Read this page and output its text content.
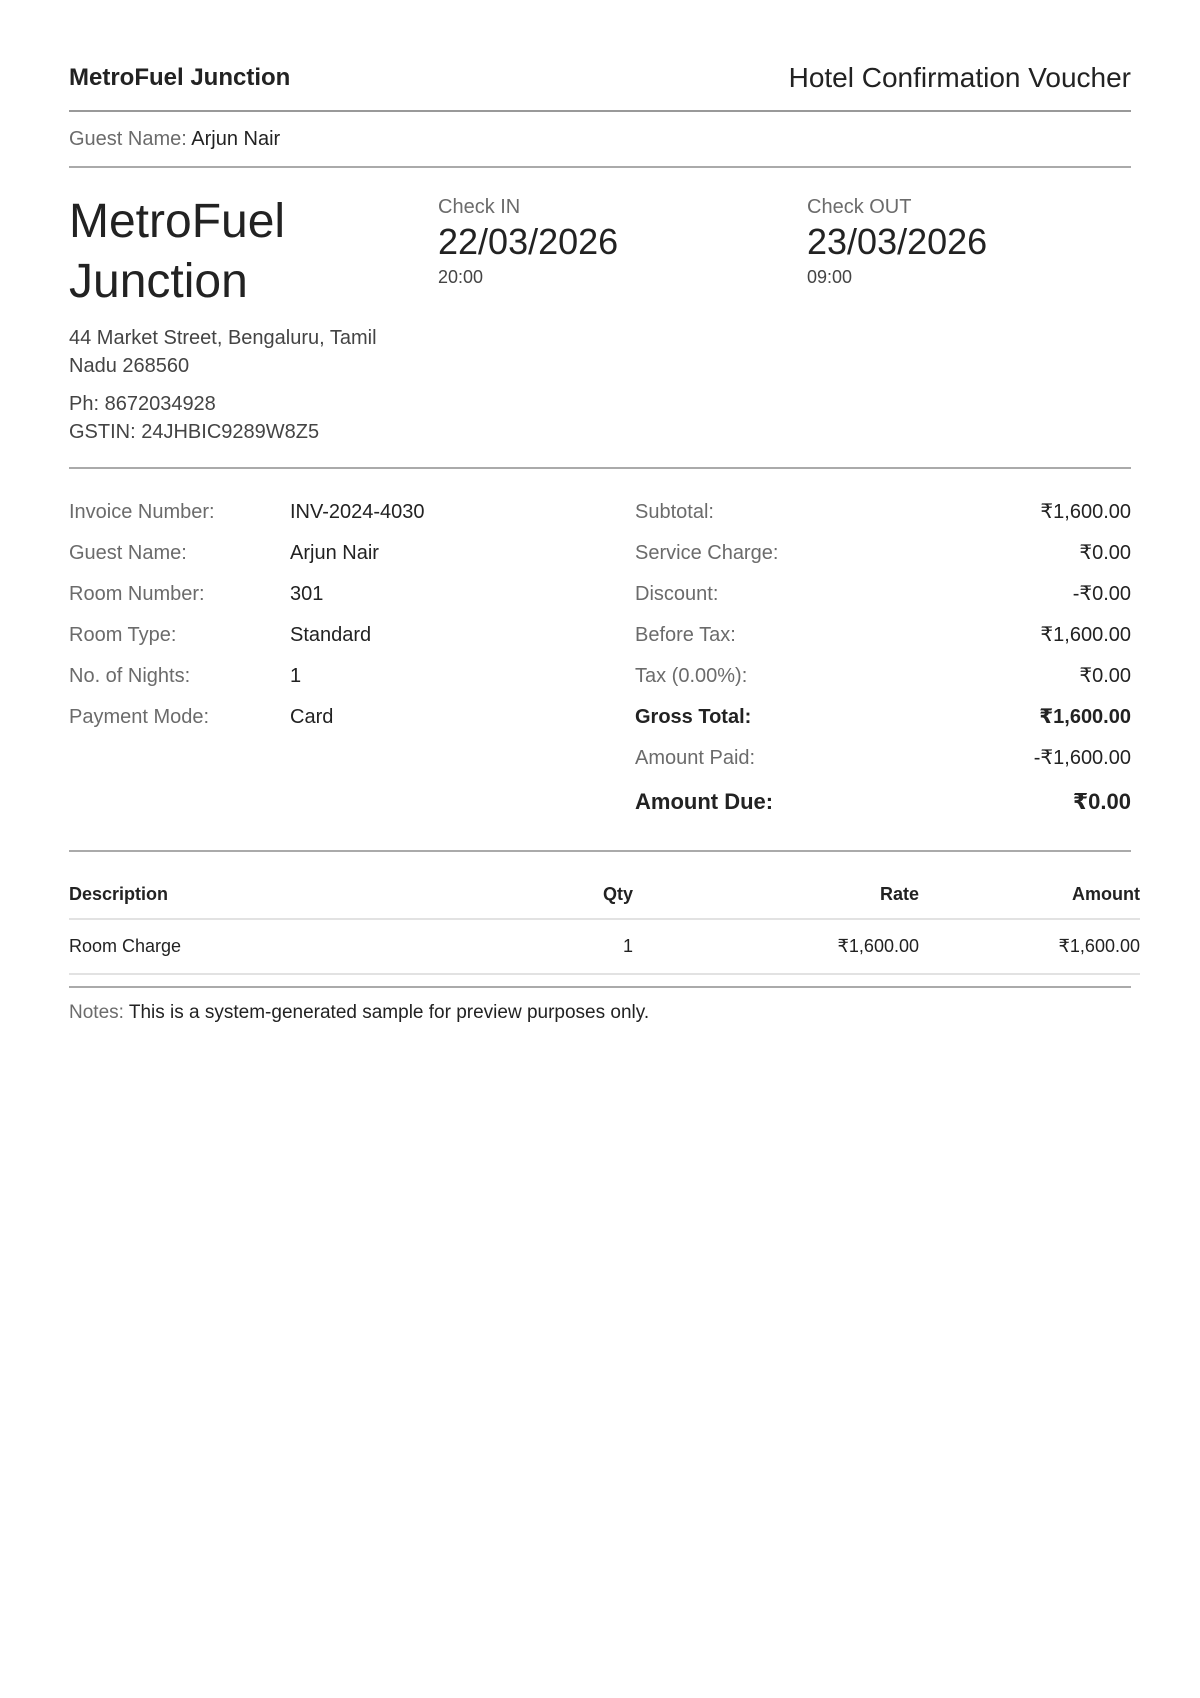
MetroFuel Junction	Hotel Confirmation Voucher
Guest Name: Arjun Nair
MetroFuel Junction
44 Market Street, Bengaluru, Tamil Nadu 268560
Ph: 8672034928
GSTIN: 24JHBIC9289W8Z5
Check IN
22/03/2026
20:00
Check OUT
23/03/2026
09:00
Invoice Number:	INV-2024-4030
Guest Name:	Arjun Nair
Room Number:	301
Room Type:	Standard
No. of Nights:	1
Payment Mode:	Card
Subtotal:	₹1,600.00
Service Charge:	₹0.00
Discount:	-₹0.00
Before Tax:	₹1,600.00
Tax (0.00%):	₹0.00
Gross Total:	₹1,600.00
Amount Paid:	-₹1,600.00
Amount Due:	₹0.00
Description	Qty	Rate	Amount
Room Charge	1	₹1,600.00	₹1,600.00
Notes: This is a system-generated sample for preview purposes only.
